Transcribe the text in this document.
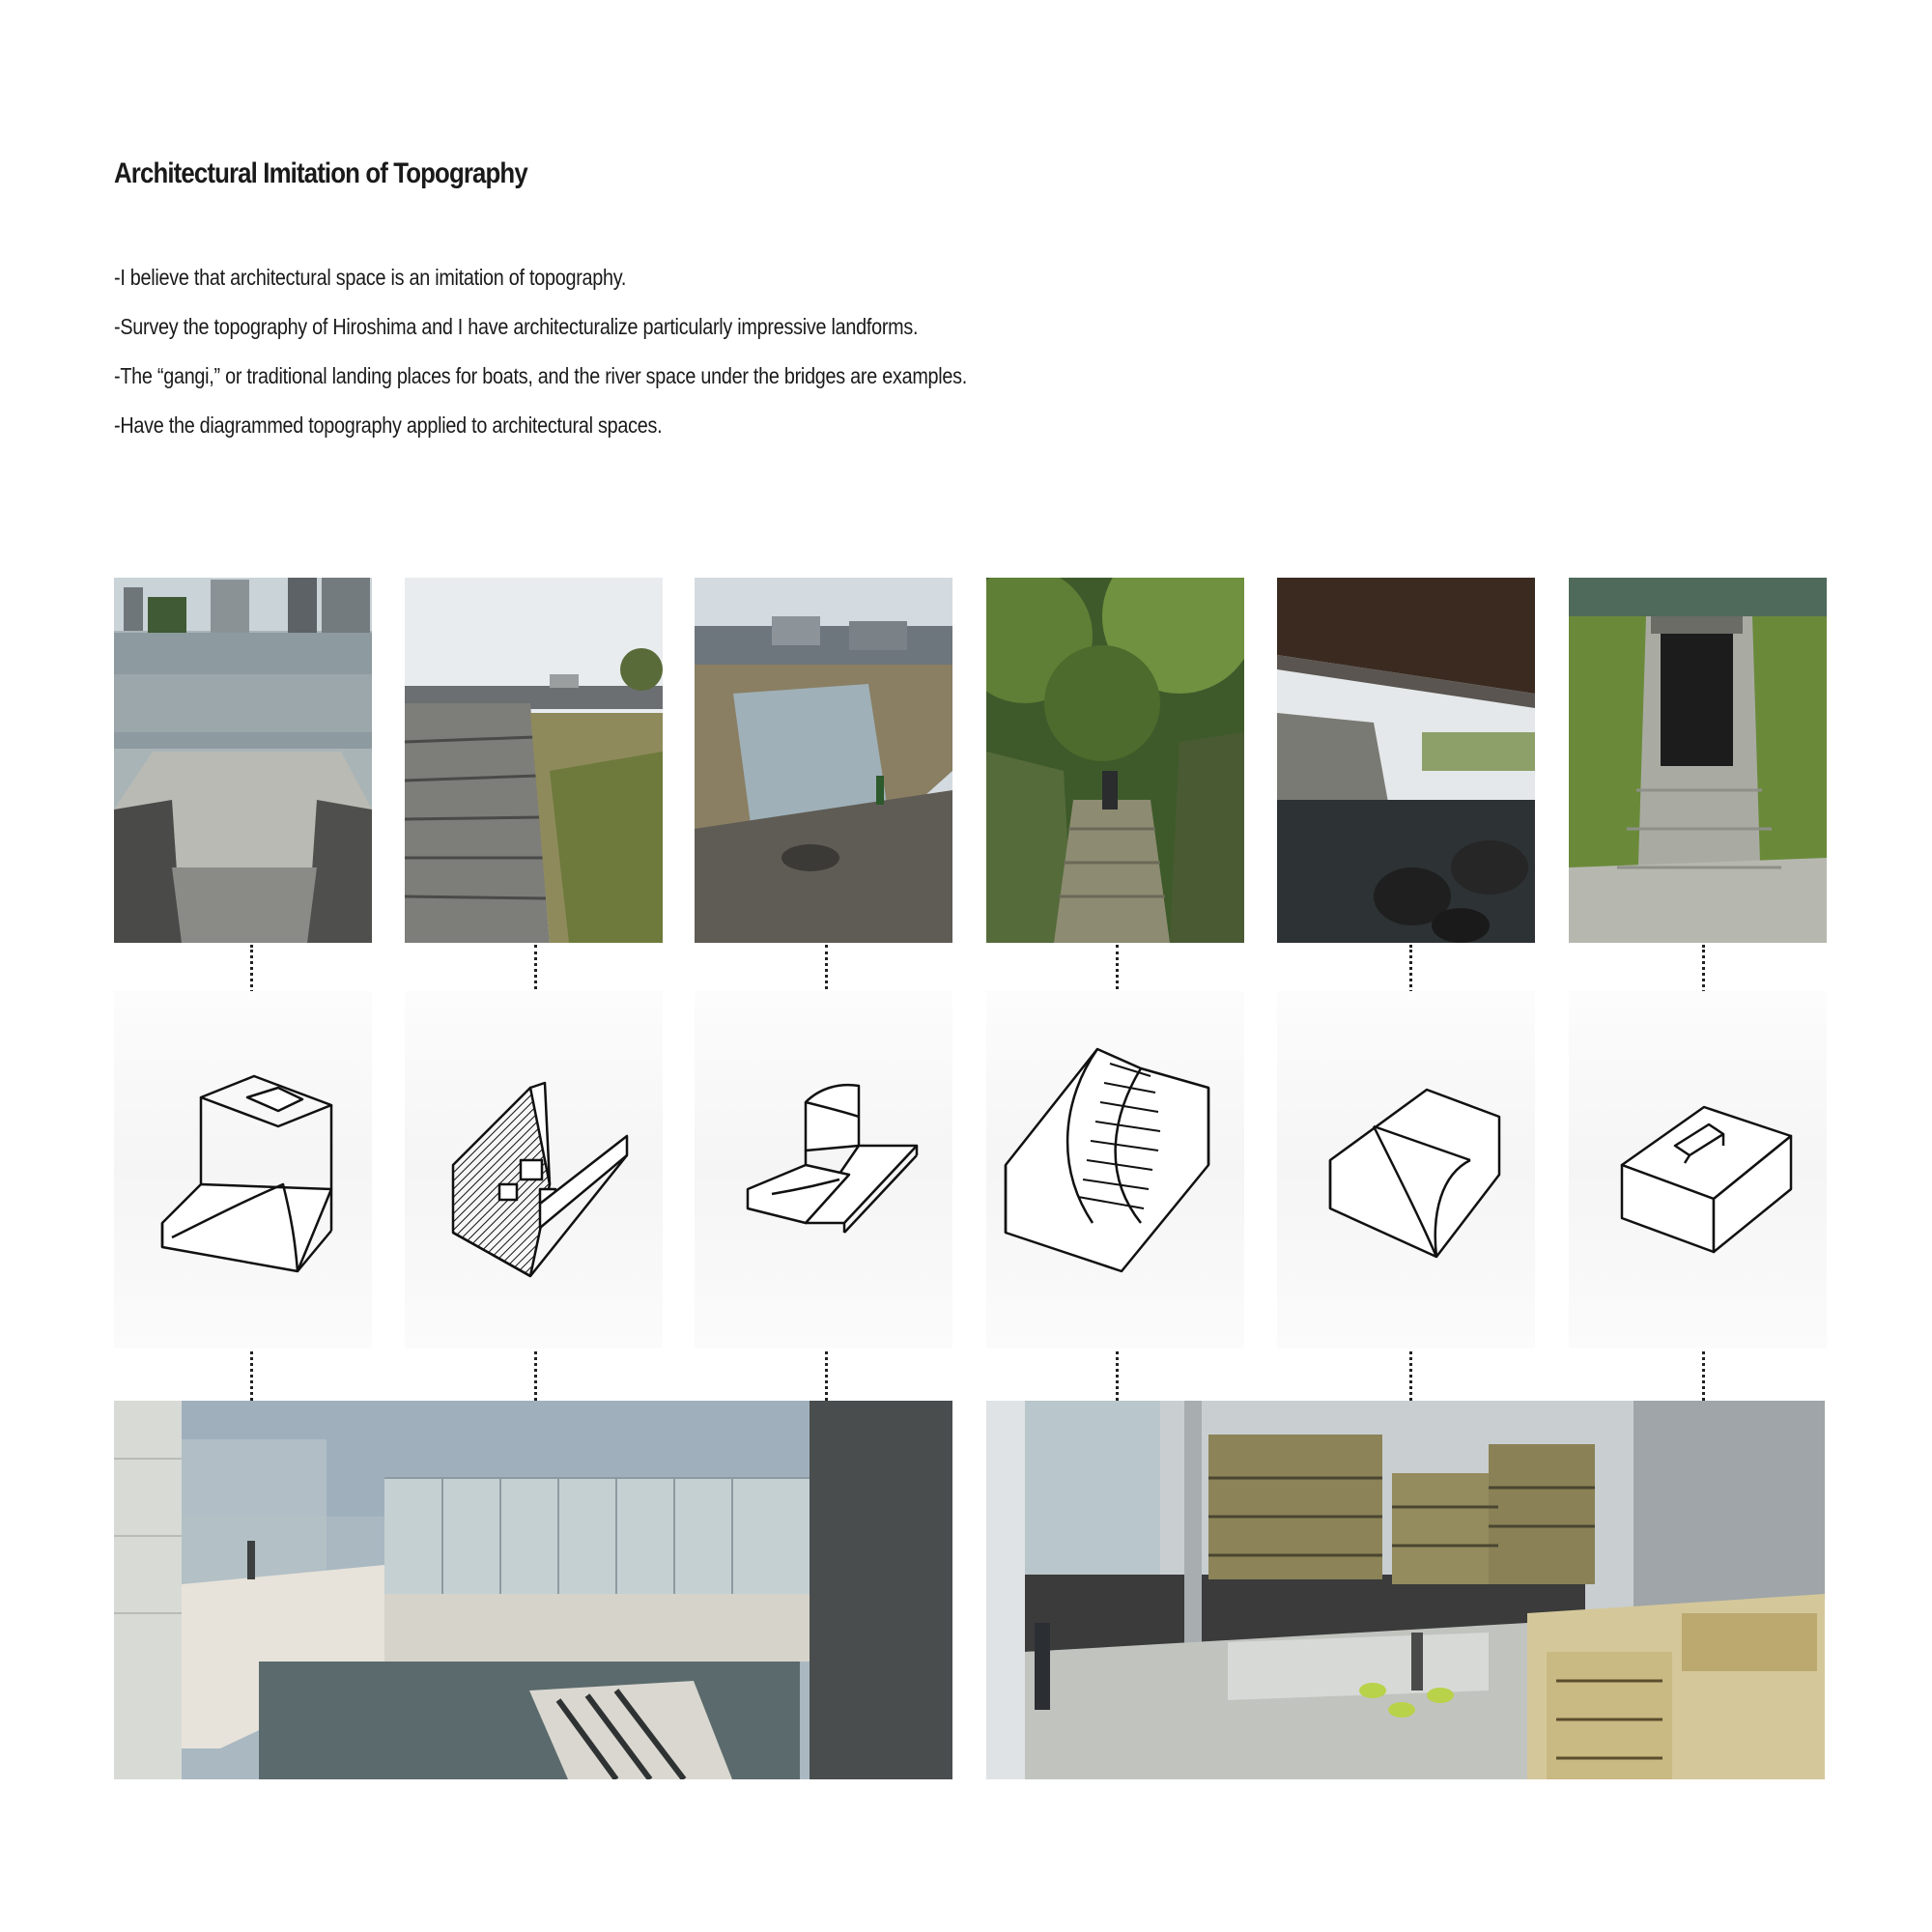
Architectural Imitation of Topography
-I believe that architectural space is an imitation of topography.
-Survey the topography of Hiroshima and I have architecturalize particularly impressive landforms.
-The “gangi,” or traditional landing places for boats, and the river space under the bridges are examples.
-Have the diagrammed topography applied to architectural spaces.
